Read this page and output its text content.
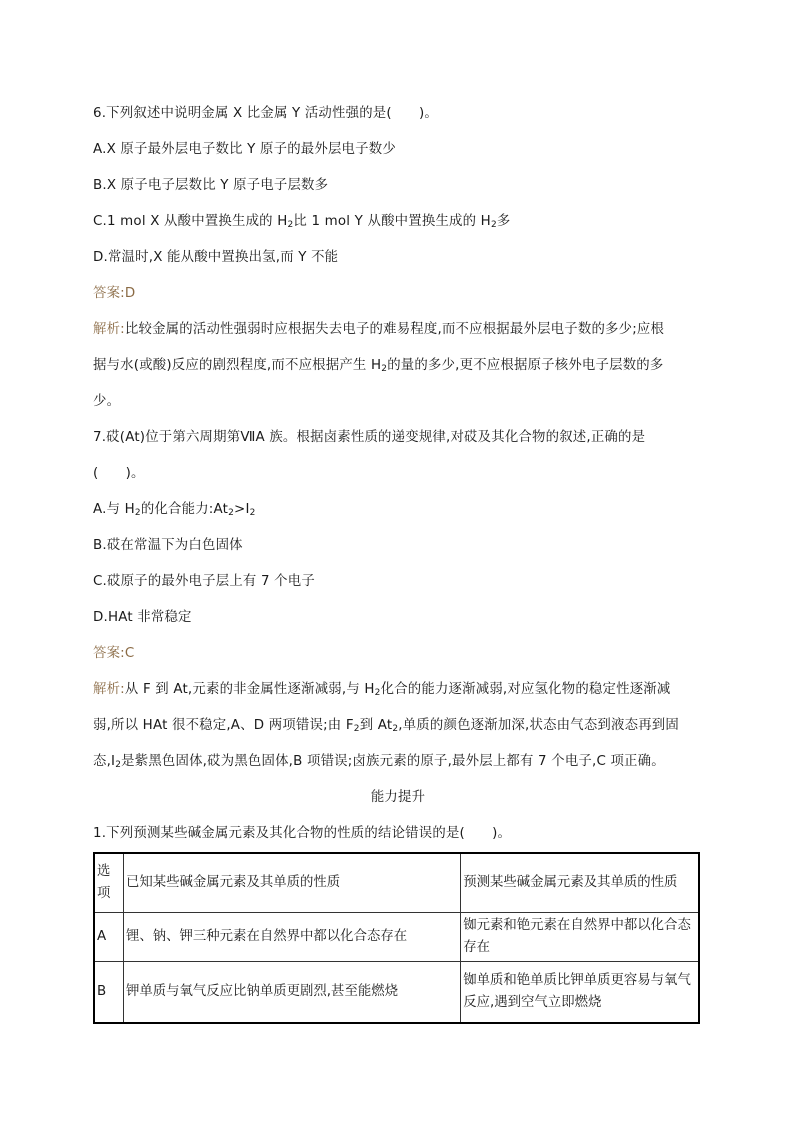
6.下列叙述中说明金属 X 比金属 Y 活动性强的是(　　)。
A.X 原子最外层电子数比 Y 原子的最外层电子数少
B.X 原子电子层数比 Y 原子电子层数多
C.1 mol X 从酸中置换生成的 $H_2$比 1 mol Y 从酸中置换生成的 $H_2$多
D.常温时,X 能从酸中置换出氢,而 Y 不能
答案:D
解析:比较金属的活动性强弱时应根据失去电子的难易程度,而不应根据最外层电子数的多少;应根
据与水(或酸)反应的剧烈程度,而不应根据产生 $H_2$的量的多少,更不应根据原子核外电子层数的多
少。
7.砹(At)位于第六周期第ⅦA 族。根据卤素性质的递变规律,对砹及其化合物的叙述,正确的是
(　　)。
A.与 $H_2$的化合能力$:At_2>I_2$
B.砹在常温下为白色固体
C.砹原子的最外电子层上有 7 个电子
D.HAt 非常稳定
答案:C
解析:从 F 到 At,元素的非金属性逐渐减弱,与 $H_2$化合的能力逐渐减弱,对应氢化物的稳定性逐渐减
弱,所以 HAt 很不稳定,A、D 两项错误;由 $F_2$到 $At_2$,单质的颜色逐渐加深,状态由气态到液态再到固
态$,I_2$是紫黑色固体,砹为黑色固体,B 项错误;卤族元素的原子,最外层上都有 7 个电子,C 项正确。
能力提升
1.下列预测某些碱金属元素及其化合物的性质的结论错误的是(　　)。
选项	已知某些碱金属元素及其单质的性质	预测某些碱金属元素及其单质的性质
A	锂、钠、钾三种元素在自然界中都以化合态存在	铷元素和铯元素在自然界中都以化合态存在
B	钾单质与氧气反应比钠单质更剧烈,甚至能燃烧	铷单质和铯单质比钾单质更容易与氧气反应,遇到空气立即燃烧
